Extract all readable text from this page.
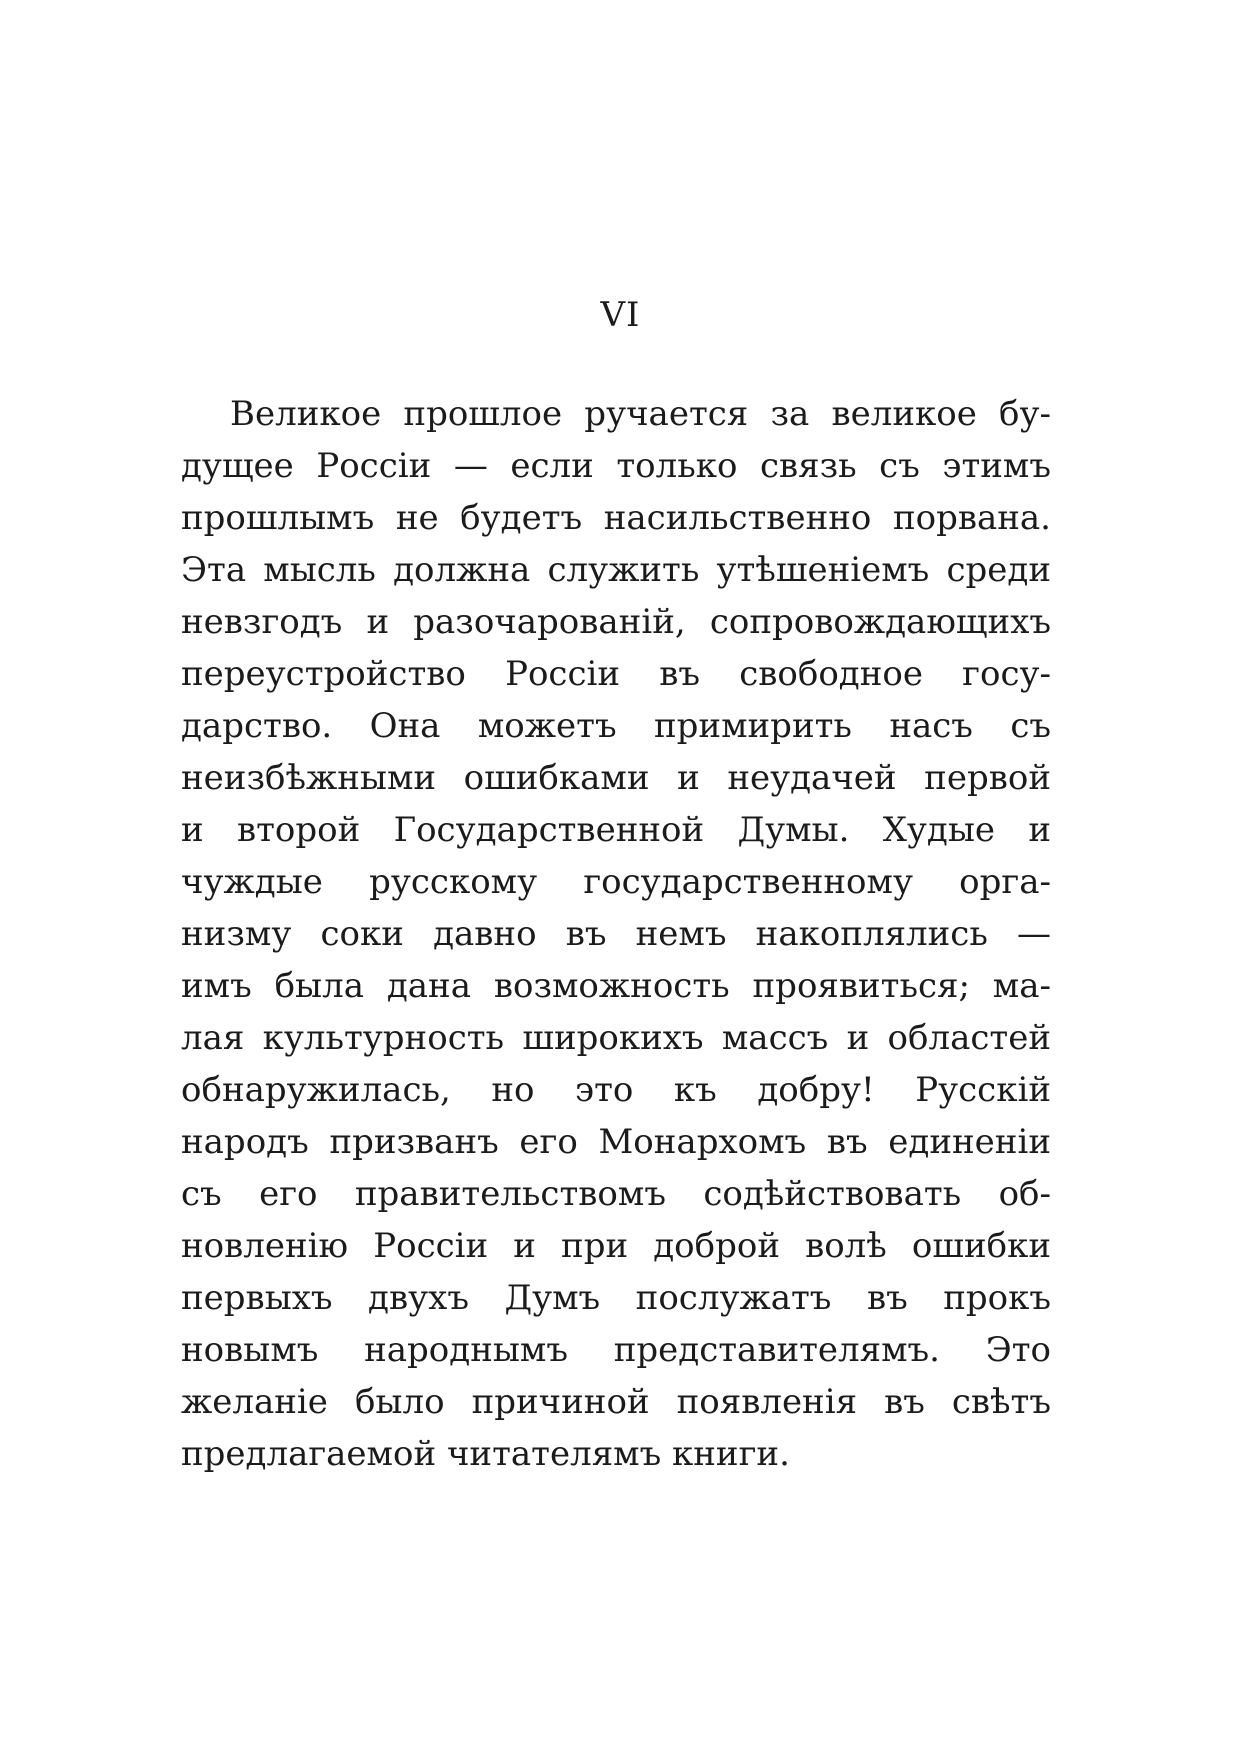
VI
Великое прошлое ручается за великое бу-
дущее Россіи — если только связь съ этимъ
прошлымъ не будетъ насильственно порвана.
Эта мысль должна служить утѣшеніемъ среди
невзгодъ и разочарованій, сопровождающихъ
переустройство Россіи въ свободное госу-
дарство. Она можетъ примирить насъ съ
неизбѣжными ошибками и неудачей первой
и второй Государственной Думы. Худые и
чуждые русскому государственному орга-
низму соки давно въ немъ накоплялись —
имъ была дана возможность проявиться; ма-
лая культурность широкихъ массъ и областей
обнаружилась, но это къ добру! Русскій
народъ призванъ его Монархомъ въ единеніи
съ его правительствомъ содѣйствовать об-
новленію Россіи и при доброй волѣ ошибки
первыхъ двухъ Думъ послужатъ въ прокъ
новымъ народнымъ представителямъ. Это
желаніе было причиной появленія въ свѣтъ
предлагаемой читателямъ книги.
